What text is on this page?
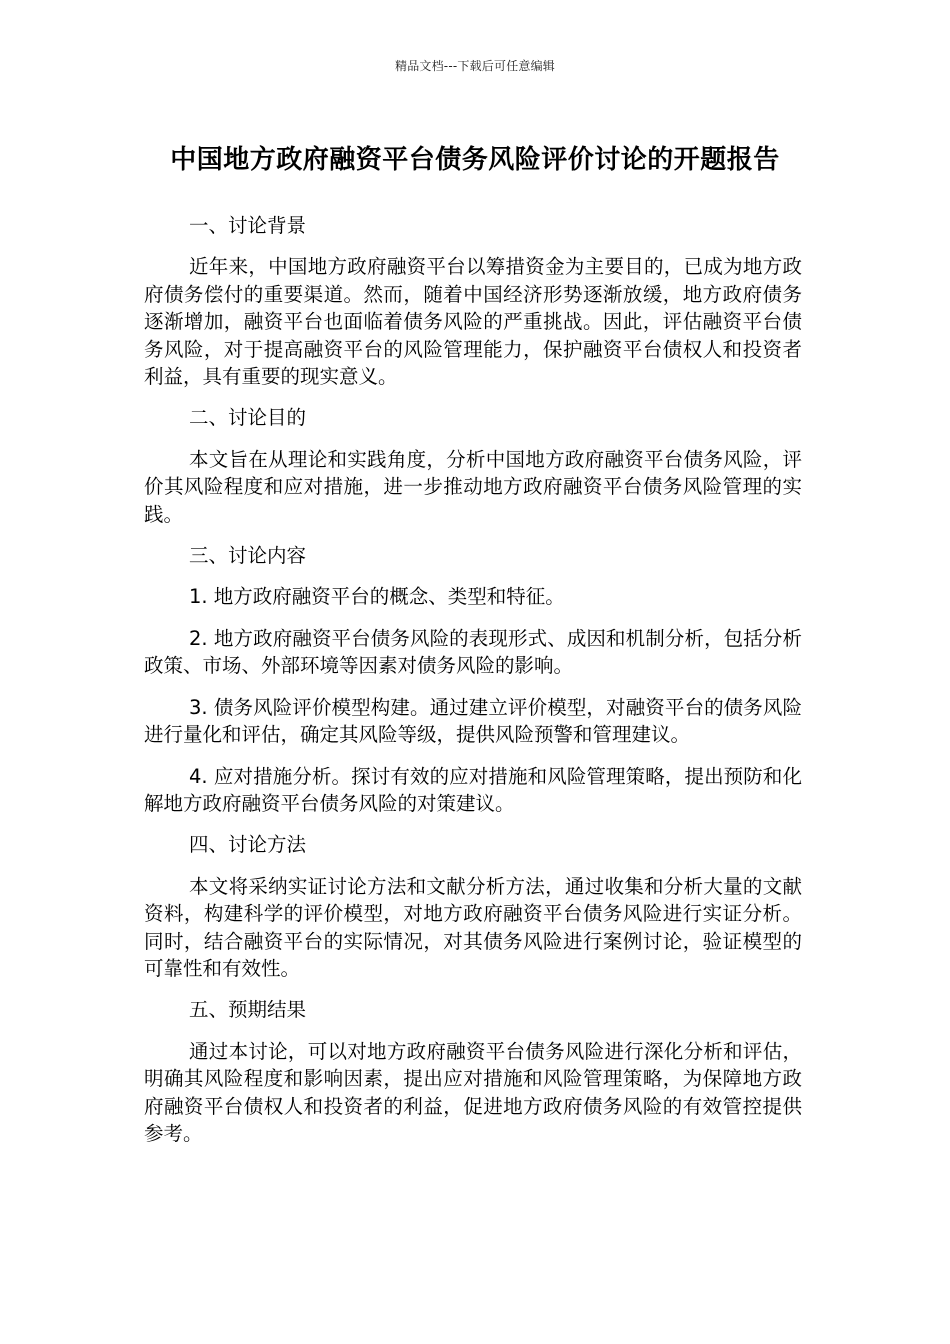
精品文档---下载后可任意编辑
中国地方政府融资平台债务风险评价讨论的开题报告

一、讨论背景

近年来，中国地方政府融资平台以筹措资金为主要目的，已成为地方政府债务偿付的重要渠道。然而，随着中国经济形势逐渐放缓，地方政府债务逐渐增加，融资平台也面临着债务风险的严重挑战。因此，评估融资平台债务风险，对于提高融资平台的风险管理能力，保护融资平台债权人和投资者利益，具有重要的现实意义。

二、讨论目的

本文旨在从理论和实践角度，分析中国地方政府融资平台债务风险，评价其风险程度和应对措施，进一步推动地方政府融资平台债务风险管理的实践。

三、讨论内容

1. 地方政府融资平台的概念、类型和特征。

2. 地方政府融资平台债务风险的表现形式、成因和机制分析，包括分析政策、市场、外部环境等因素对债务风险的影响。

3. 债务风险评价模型构建。通过建立评价模型，对融资平台的债务风险进行量化和评估，确定其风险等级，提供风险预警和管理建议。

4. 应对措施分析。探讨有效的应对措施和风险管理策略，提出预防和化解地方政府融资平台债务风险的对策建议。

四、讨论方法

本文将采纳实证讨论方法和文献分析方法，通过收集和分析大量的文献资料，构建科学的评价模型，对地方政府融资平台债务风险进行实证分析。同时，结合融资平台的实际情况，对其债务风险进行案例讨论，验证模型的可靠性和有效性。

五、预期结果

通过本讨论，可以对地方政府融资平台债务风险进行深化分析和评估，明确其风险程度和影响因素，提出应对措施和风险管理策略，为保障地方政府融资平台债权人和投资者的利益，促进地方政府债务风险的有效管控提供参考。
